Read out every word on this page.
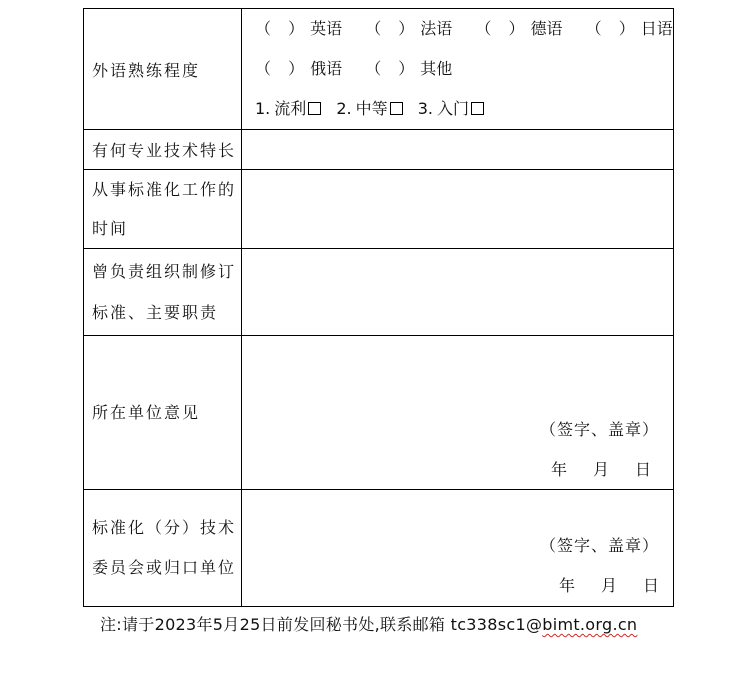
外语熟练程度	（ ）英语 （ ）法语 （ ）德语 （ ）日语
（ ）俄语 （ ）其他
1. 流利 2. 中等 3. 入门

有何专业技术特长	

从事标准化工作的
时间	

曾负责组织制修订
标准、主要职责	

所在单位意见	（签字、盖章）
年 月 日

标准化（分）技术
委员会或归口单位	（签字、盖章）
年 月 日
注:请于2023年5月25日前发回秘书处,联系邮箱 tc338sc1@bimt.org.cn
